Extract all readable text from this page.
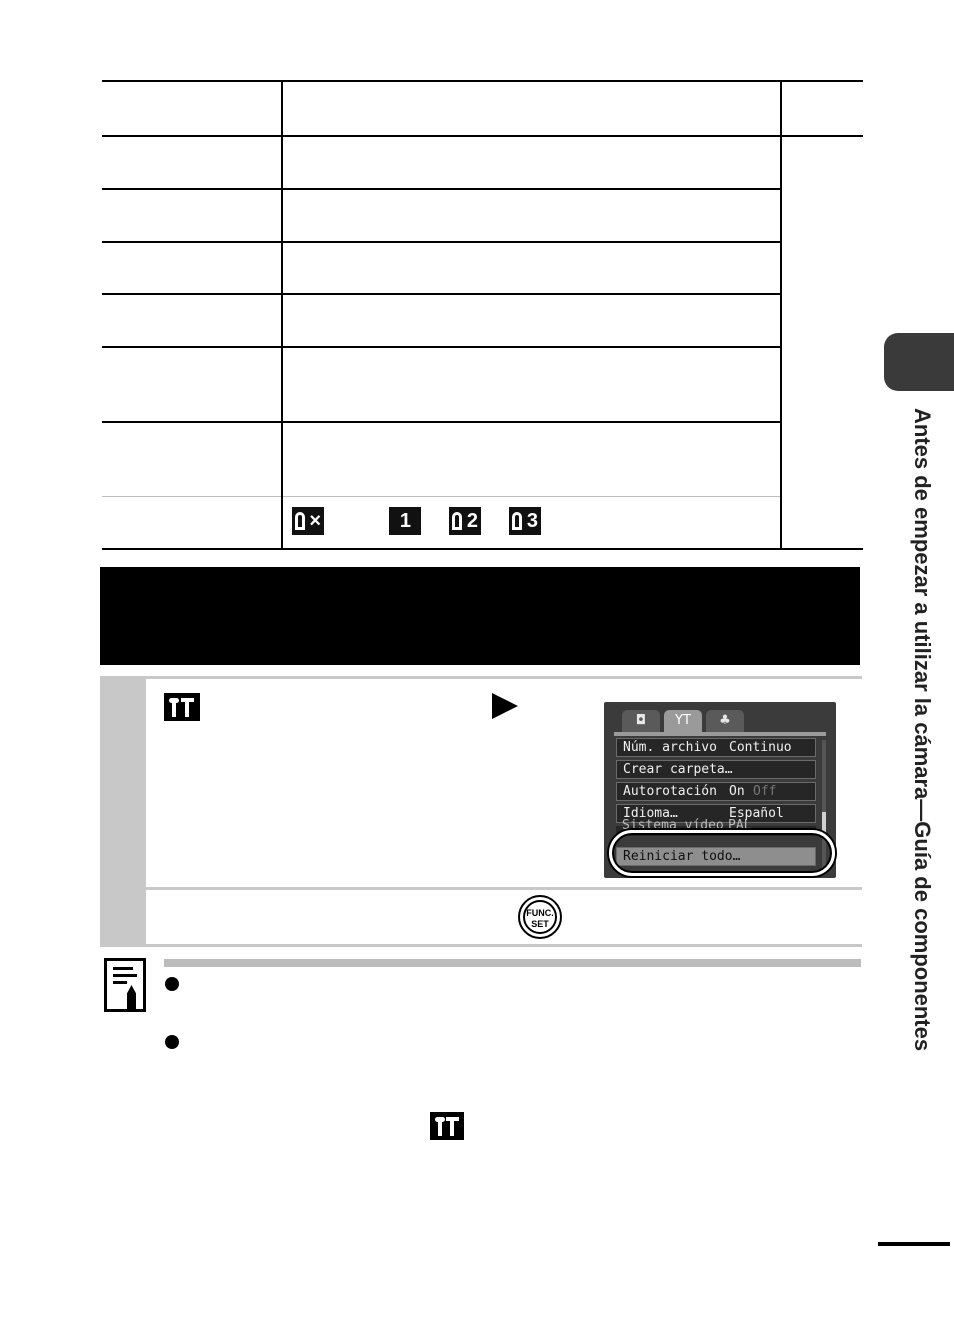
×	1	2 3
◘	ҮТ	♣
Núm. archivo Continuo
Crear carpeta…
Autorotación On Off
Idioma…	Español
Sistema vídeo PAL
Reiniciar todo…
FUNC.
SET	Antes de empezar a utilizar la cámara—Guía de componentes
